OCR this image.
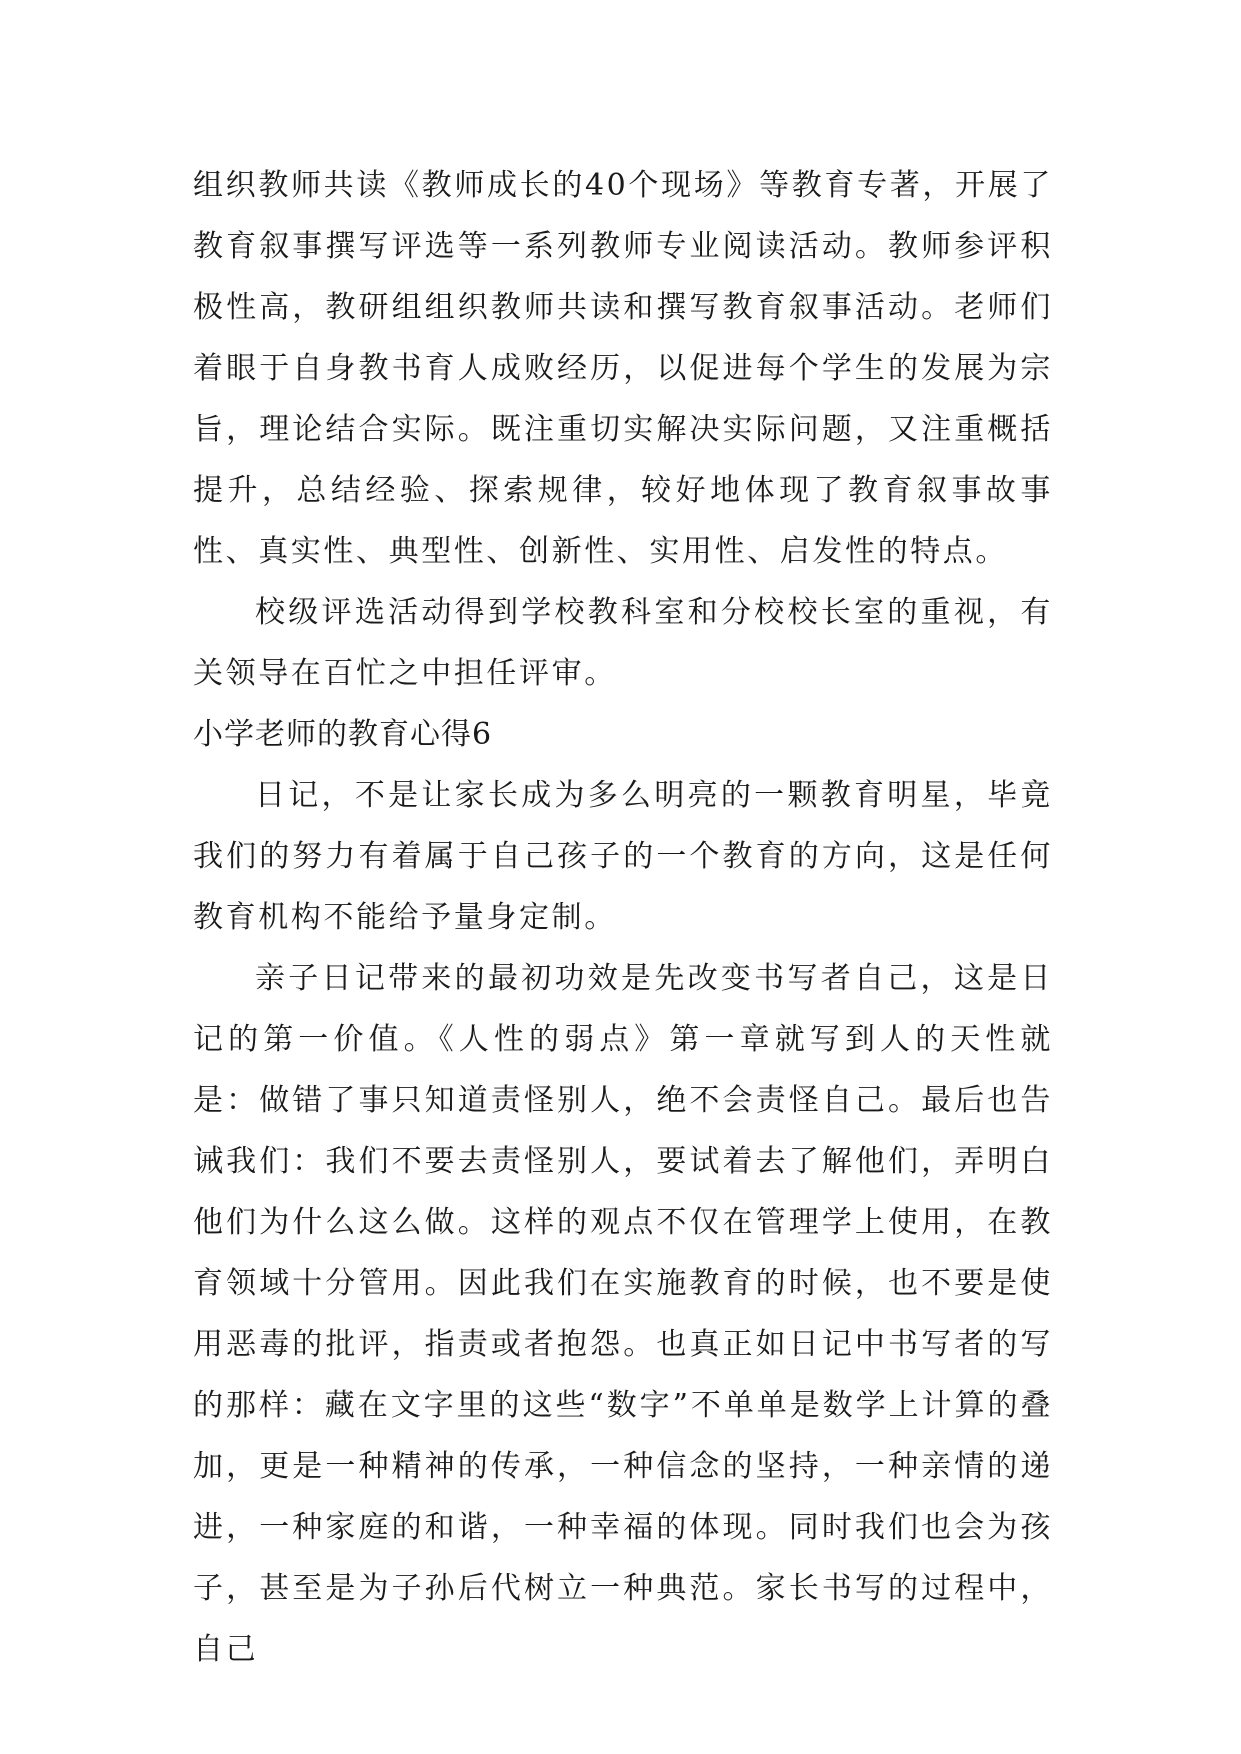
组织教师共读《教师成长的40个现场》等教育专著，开展了教育叙事撰写评选等一系列教师专业阅读活动。教师参评积极性高，教研组组织教师共读和撰写教育叙事活动。老师们着眼于自身教书育人成败经历，以促进每个学生的发展为宗旨，理论结合实际。既注重切实解决实际问题，又注重概括提升，总结经验、探索规律，较好地体现了教育叙事故事性、真实性、典型性、创新性、实用性、启发性的特点。

校级评选活动得到学校教科室和分校校长室的重视，有关领导在百忙之中担任评审。

小学老师的教育心得6

日记，不是让家长成为多么明亮的一颗教育明星，毕竟我们的努力有着属于自己孩子的一个教育的方向，这是任何教育机构不能给予量身定制。

亲子日记带来的最初功效是先改变书写者自己，这是日记的第一价值。《人性的弱点》第一章就写到人的天性就是：做错了事只知道责怪别人，绝不会责怪自己。最后也告诫我们：我们不要去责怪别人，要试着去了解他们，弄明白他们为什么这么做。这样的观点不仅在管理学上使用，在教育领域十分管用。因此我们在实施教育的时候，也不要是使用恶毒的批评，指责或者抱怨。也真正如日记中书写者的写的那样：藏在文字里的这些“数字”不单单是数学上计算的叠加，更是一种精神的传承，一种信念的坚持，一种亲情的递进，一种家庭的和谐，一种幸福的体现。同时我们也会为孩子，甚至是为子孙后代树立一种典范。家长书写的过程中，自己
